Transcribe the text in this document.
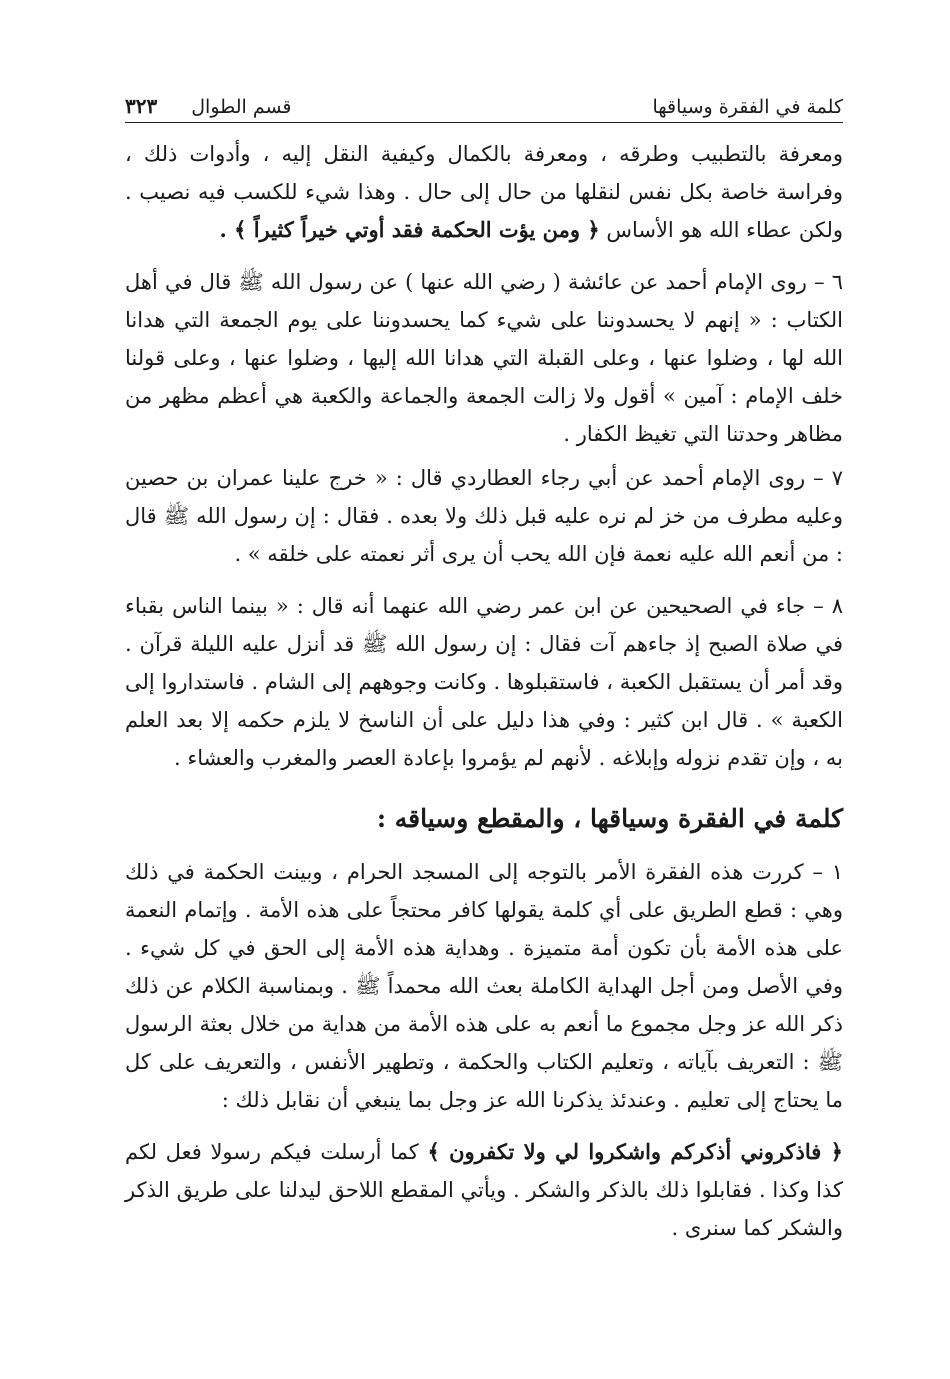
كلمة في الفقرة وسياقها
قسم الطوال
٣٢٣

ومعرفة بالتطبيب وطرقه ، ومعرفة بالكمال وكيفية النقل إليه ، وأدوات ذلك ، وفراسة خاصة بكل نفس لنقلها من حال إلى حال . وهذا شيء للكسب فيه نصيب . ولكن عطاء الله هو الأساس ﴿ ومن يؤت الحكمة فقد أوتي خيراً كثيراً ﴾ .

٦ – روى الإمام أحمد عن عائشة ( رضي الله عنها ) عن رسول الله ﷺ قال في أهل الكتاب : « إنهم لا يحسدوننا على شيء كما يحسدوننا على يوم الجمعة التي هدانا الله لها ، وضلوا عنها ، وعلى القبلة التي هدانا الله إليها ، وضلوا عنها ، وعلى قولنا خلف الإمام : آمين » أقول ولا زالت الجمعة والجماعة والكعبة هي أعظم مظهر من مظاهر وحدتنا التي تغيظ الكفار .

٧ – روى الإمام أحمد عن أبي رجاء العطاردي قال : « خرج علينا عمران بن حصين وعليه مطرف من خز لم نره عليه قبل ذلك ولا بعده . فقال : إن رسول الله ﷺ قال : من أنعم الله عليه نعمة فإن الله يحب أن يرى أثر نعمته على خلقه » .

٨ – جاء في الصحيحين عن ابن عمر رضي الله عنهما أنه قال : « بينما الناس بقباء في صلاة الصبح إذ جاءهم آت فقال : إن رسول الله ﷺ قد أنزل عليه الليلة قرآن . وقد أمر أن يستقبل الكعبة ، فاستقبلوها . وكانت وجوههم إلى الشام . فاستداروا إلى الكعبة » . قال ابن كثير : وفي هذا دليل على أن الناسخ لا يلزم حكمه إلا بعد العلم به ، وإن تقدم نزوله وإبلاغه . لأنهم لم يؤمروا بإعادة العصر والمغرب والعشاء .

كلمة في الفقرة وسياقها ، والمقطع وسياقه :

١ – كررت هذه الفقرة الأمر بالتوجه إلى المسجد الحرام ، وبينت الحكمة في ذلك وهي : قطع الطريق على أي كلمة يقولها كافر محتجاً على هذه الأمة . وإتمام النعمة على هذه الأمة بأن تكون أمة متميزة . وهداية هذه الأمة إلى الحق في كل شيء . وفي الأصل ومن أجل الهداية الكاملة بعث الله محمداً ﷺ . وبمناسبة الكلام عن ذلك ذكر الله عز وجل مجموع ما أنعم به على هذه الأمة من هداية من خلال بعثة الرسول ﷺ : التعريف بآياته ، وتعليم الكتاب والحكمة ، وتطهير الأنفس ، والتعريف على كل ما يحتاج إلى تعليم . وعندئذ يذكرنا الله عز وجل بما ينبغي أن نقابل ذلك :

﴿ فاذكروني أذكركم واشكروا لي ولا تكفرون ﴾ كما أرسلت فيكم رسولا فعل لكم كذا وكذا . فقابلوا ذلك بالذكر والشكر . ويأتي المقطع اللاحق ليدلنا على طريق الذكر والشكر كما سنرى .
